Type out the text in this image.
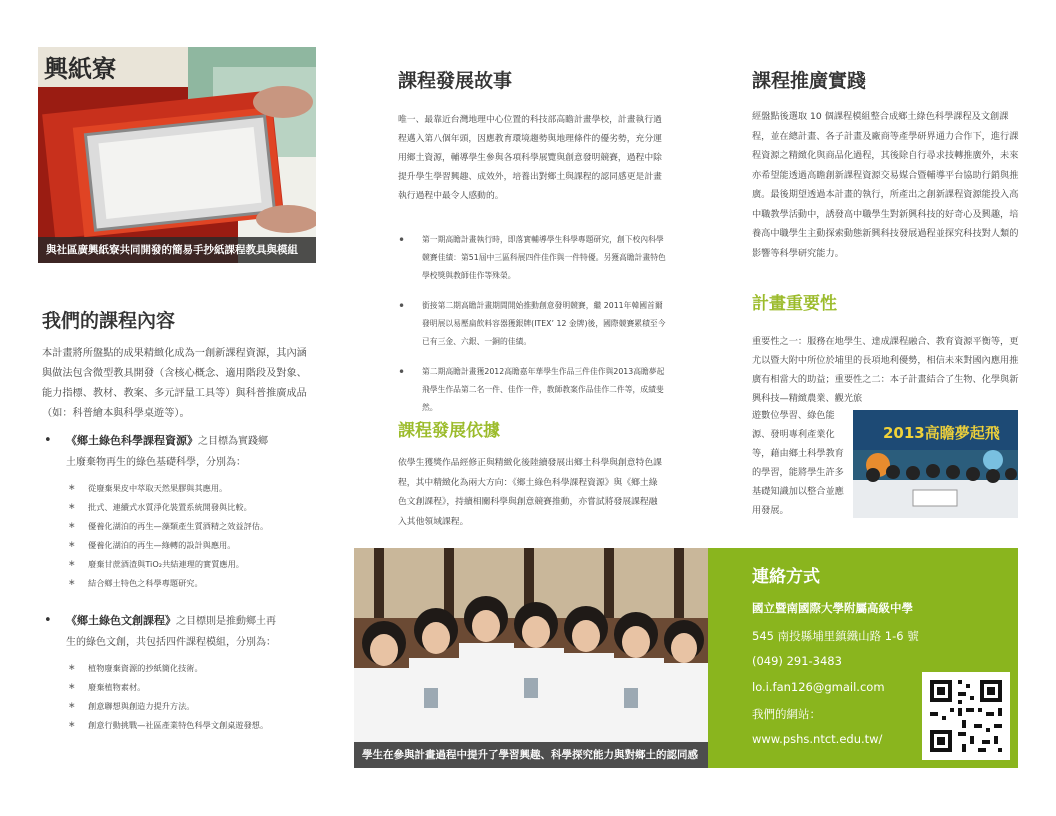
興紙寮
與社區廣興紙寮共同開發的簡易手抄紙課程教具與模組
我們的課程內容

本計畫將所盤點的成果精緻化成為一創新課程資源，其內涵與做法包含微型教具開發（含核心概念、適用階段及對象、能力指標、教材、教案、多元評量工具等）與科普推廣成品（如：科普繪本與科學桌遊等）。

• 《鄉土綠色科學課程資源》之目標為實踐鄉
土廢棄物再生的綠色基礎科學，分別為：

∗ 從廢棄果皮中萃取天然果膠與其應用。
∗ 批式、連續式水質淨化裝置系統開發與比較。
∗ 優養化湖泊的再生—藻類產生質酒精之效益評估。
∗ 優養化湖泊的再生—綠轉的設計與應用。
∗ 廢棄甘蔗酒渣與TiO₂共結連理的實質應用。
∗ 結合鄉土特色之科學專題研究。

• 《鄉土綠色文創課程》之目標則是推動鄉土再
生的綠色文創，共包括四件課程模組，分別為：

∗ 植物廢棄資源的抄紙簡化技術。
∗ 廢棄植物素材。
∗ 創意聯想與創造力提升方法。
∗ 創意行動挑戰—社區產業特色科學文創桌遊發想。
課程發展故事

唯一、最靠近台灣地理中心位置的科技部高瞻計畫學校，計畫執行過程邁入第八個年頭，因應教育環境趨勢與地理條件的優劣勢，充分運用鄉土資源，輔導學生參與各項科學展覽與創意發明競賽，過程中除提升學生學習興趣、成效外，培養出對鄉土與課程的認同感更是計畫執行過程中最令人感動的。

• 第一期高瞻計畫執行時，即落實輔導學生科學專題研究，創下校內科學競賽佳績：第51屆中三區科展四件佳作與一件特優。另獲高瞻計畫特色學校獎與教師佳作等殊榮。
• 銜接第二期高瞻計畫期間開始推動創意發明競賽，繼 2011年韓國首爾發明展以易壓扁飲料容器獲銀牌(ITEX’ 12 金牌)後，國際競賽累積至今已有三金、六銀、一銅的佳績。
• 第二期高瞻計畫獲2012高瞻嘉年華學生作品三件佳作與2013高瞻夢起飛學生作品第二名一件、佳作一件，教師教案作品佳作二件等，成績斐然。
課程發展依據

依學生獲獎作品經修正與精緻化後陸續發展出鄉土科學與創意特色課程，其中精緻化為兩大方向：《鄉土綠色科學課程資源》與《鄉土綠色文創課程》，持續相關科學與創意競賽推動，亦嘗試將發展課程融入其他領域課程。

學生在參與計畫過程中提升了學習興趣、科學探究能力與對鄉土的認同感
課程推廣實踐

經盤點後選取 10 個課程模組整合成鄉土綠色科學課程及文創課程，並在總計畫、各子計畫及廠商等產學研界通力合作下，進行課程資源之精緻化與商品化過程，其後除自行尋求技轉推廣外，未來亦希望能透過高瞻創新課程資源交易媒合暨輔導平台協助行銷與推廣。最後期望透過本計畫的執行，所產出之創新課程資源能投入高中職教學活動中，誘發高中職學生對新興科技的好奇心及興趣，培養高中職學生主動探索動態新興科技發展過程並探究科技對人類的影響等科學研究能力。

計畫重要性

重要性之一：服務在地學生、達成課程融合、教育資源平衡等，更尤以暨大附中所位於埔里的長項地利優勢，相信未來對國內應用推廣有相當大的助益；重要性之二：本子計畫結合了生物、化學與新興科技—精緻農業、觀光旅

遊數位學習、綠色能源、發明專利產業化等，藉由鄉土科學教育的學習，能將學生許多基礎知識加以整合並應用發展。

2013高瞻夢起飛
連絡方式
國立暨南國際大學附屬高級中學
545 南投縣埔里鎮鐵山路 1-6 號
(049) 291-3483
lo.i.fan126@gmail.com
我們的網站：
www.pshs.ntct.edu.tw/
